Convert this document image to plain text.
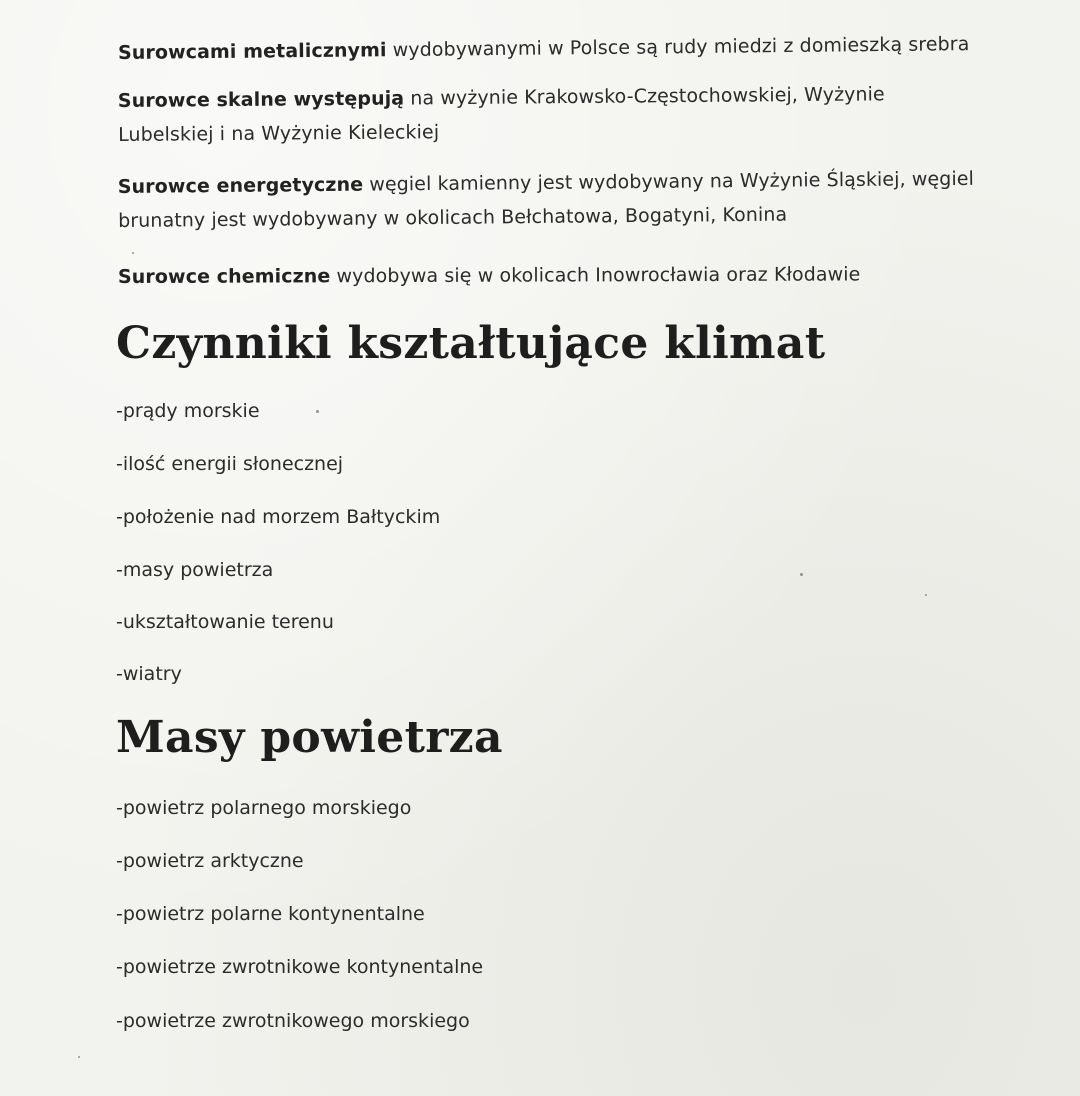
Surowcami metalicznymi wydobywanymi w Polsce są rudy miedzi z domieszką srebra
Surowce skalne występują na wyżynie Krakowsko-Częstochowskiej, Wyżynie
Lubelskiej i na Wyżynie Kieleckiej
Surowce energetyczne węgiel kamienny jest wydobywany na Wyżynie Śląskiej, węgiel
brunatny jest wydobywany w okolicach Bełchatowa, Bogatyni, Konina
Surowce chemiczne wydobywa się w okolicach Inowrocławia oraz Kłodawie
Czynniki kształtujące klimat
-prądy morskie
-ilość energii słonecznej
-położenie nad morzem Bałtyckim
-masy powietrza
-ukształtowanie terenu
-wiatry
Masy powietrza
-powietrz polarnego morskiego
-powietrz arktyczne
-powietrz polarne kontynentalne
-powietrze zwrotnikowe kontynentalne
-powietrze zwrotnikowego morskiego
